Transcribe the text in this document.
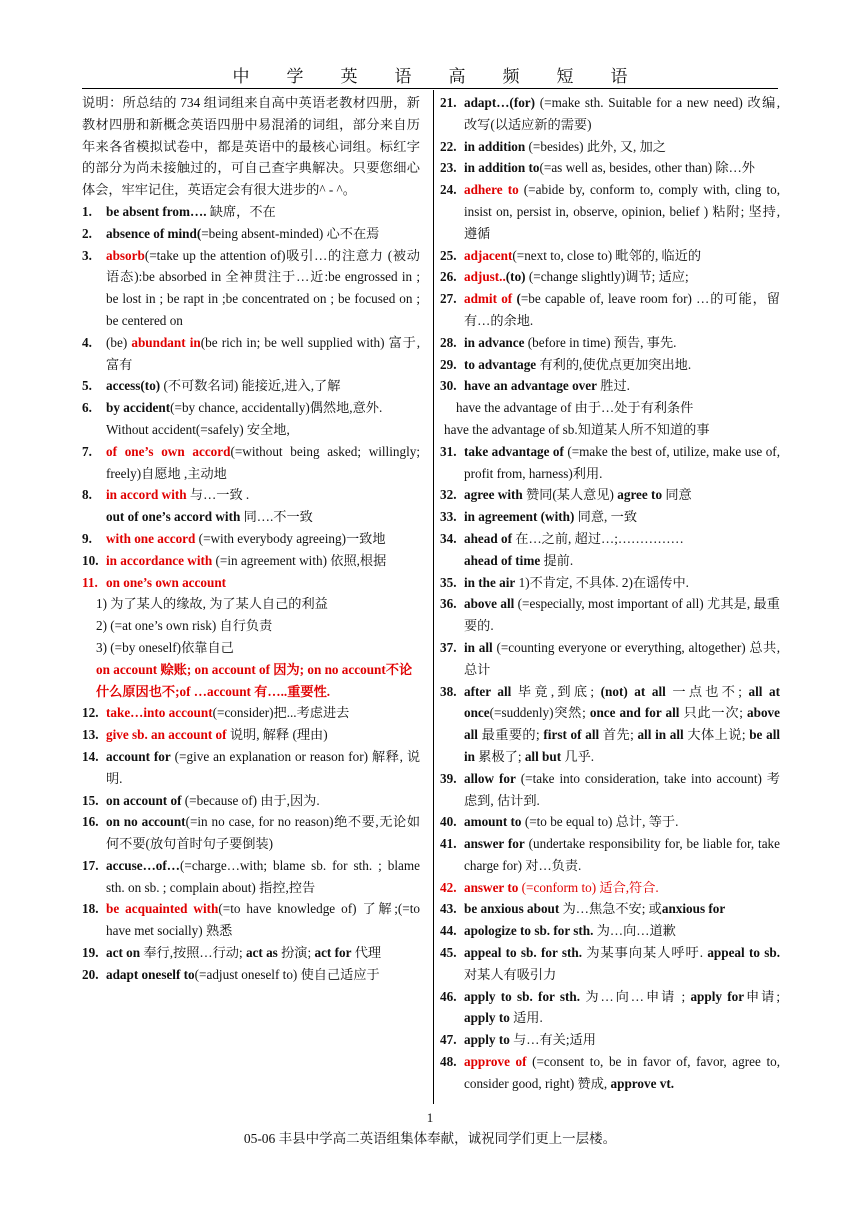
中学英语高频短语

说明：所总结的 734 组词组来自高中英语老教材四册，新教材四册和新概念英语四册中易混淆的词组，部分来自历年来各省模拟试卷中，都是英语中的最核心词组。标红字的部分为尚未接触过的，可自己查字典解决。只要您细心体会，牢牢记住，英语定会有很大进步的^ - ^。

1.	be absent from…. 缺席，不在
2.	absence of mind(=being absent-minded) 心不在焉
3.	absorb(=take up the attention of)吸引…的注意力 (被动语态):be absorbed in 全神贯注于…近:be engrossed in ; be lost in ; be rapt in ;be concentrated on ; be focused on ; be centered on
4.	(be) abundant in(be rich in; be well supplied with) 富于,富有
5.	access(to) (不可数名词) 能接近,进入,了解
6.	by accident(=by chance, accidentally)偶然地,意外.
Without accident(=safely) 安全地,
7.	of one’s own accord(=without being asked; willingly; freely)自愿地 ,主动地
8.	in accord with 与…一致 .
out of one’s accord with 同….不一致
9.	with one accord (=with everybody agreeing)一致地
10. in accordance with (=in agreement with) 依照,根据
11. on one’s own account
1) 为了某人的缘故, 为了某人自己的利益
2) (=at one’s own risk) 自行负责
3) (=by oneself)依靠自己
on account 赊账; on account of 因为; on no account不论什么原因也不;of …account 有…..重要性.
12. take…into account(=consider)把...考虑进去
13. give sb. an account of 说明, 解释 (理由)
14. account for (=give an explanation or reason for) 解释, 说明.
15. on account of (=because of) 由于,因为.
16. on no account(=in no case, for no reason)绝不要,无论如何不要(放句首时句子要倒装)
17. accuse…of…(=charge…with; blame sb. for sth. ; blame sth. on sb. ; complain about) 指控,控告
18. be acquainted with(=to have knowledge of) 了解;(=to have met socially) 熟悉
19. act on 奉行,按照…行动; act as 扮演; act for 代理
20. adapt oneself to(=adjust oneself to) 使自己适应于
21. adapt…(for) (=make sth. Suitable for a new need) 改编, 改写(以适应新的需要)
22. in addition (=besides) 此外, 又, 加之
23. in addition to(=as well as, besides, other than) 除…外
24. adhere to (=abide by, conform to, comply with, cling to, insist on, persist in, observe, opinion, belief ) 粘附; 坚持, 遵循
25. adjacent(=next to, close to) 毗邻的, 临近的
26. adjust..(to) (=change slightly)调节; 适应;
27. admit of (=be capable of, leave room for) …的可能，留有…的余地.
28. in advance (before in time) 预告, 事先.
29. to advantage 有利的,使优点更加突出地.
30. have an advantage over 胜过.
have the advantage of 由于…处于有利条件
have the advantage of sb.知道某人所不知道的事
31. take advantage of (=make the best of, utilize, make use of, profit from, harness)利用.
32. agree with 赞同(某人意见) agree to 同意
33. in agreement (with) 同意, 一致
34. ahead of 在…之前, 超过…;……………
ahead of time 提前.
35. in the air 1)不肯定, 不具体. 2)在谣传中.
36. above all (=especially, most important of all) 尤其是, 最重要的.
37. in all (=counting everyone or everything, altogether) 总共, 总计
38. after all 毕竟,到底; (not) at all 一点也不; all at once(=suddenly)突然; once and for all 只此一次; above all 最重要的; first of all 首先; all in all 大体上说; be all in 累极了; all but 几乎.
39. allow for (=take into consideration, take into account) 考虑到, 估计到.
40. amount to (=to be equal to) 总计, 等于.
41. answer for (undertake responsibility for, be liable for, take charge for) 对…负责.
42. answer to (=conform to) 适合,符合.
43. be anxious about 为…焦急不安; 或anxious for
44. apologize to sb. for sth. 为…向…道歉
45. appeal to sb. for sth. 为某事向某人呼吁. appeal to sb. 对某人有吸引力
46. apply to sb. for sth. 为…向…申请 ; apply for申请; apply to 适用.
47. apply to 与…有关;适用
48. approve of (=consent to, be in favor of, favor, agree to, consider good, right) 赞成, approve vt.
1
05-06 丰县中学高二英语组集体奉献，诚祝同学们更上一层楼。
